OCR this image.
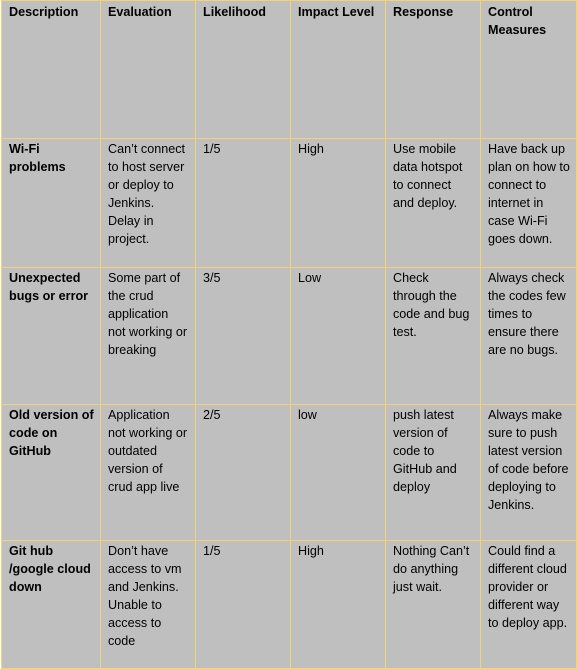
Description	Evaluation	Likelihood	Impact Level	Response	Control Measures
Wi-Fi problems	Can’t connect to host server or deploy to Jenkins. Delay in project.	1/5	High	Use mobile data hotspot to connect and deploy.	Have back up plan on how to connect to internet in case Wi-Fi goes down.
Unexpected bugs or error	Some part of the crud application not working or breaking	3/5	Low	Check through the code and bug test.	Always check the codes few times to ensure there are no bugs.
Old version of code on GitHub	Application not working or outdated version of crud app live	2/5	low	push latest version of code to GitHub and deploy	Always make sure to push latest version of code before deploying to Jenkins.
Git hub /google cloud down	Don’t have access to vm and Jenkins. Unable to access to code	1/5	High	Nothing Can’t do anything just wait.	Could find a different cloud provider or different way to deploy app.
